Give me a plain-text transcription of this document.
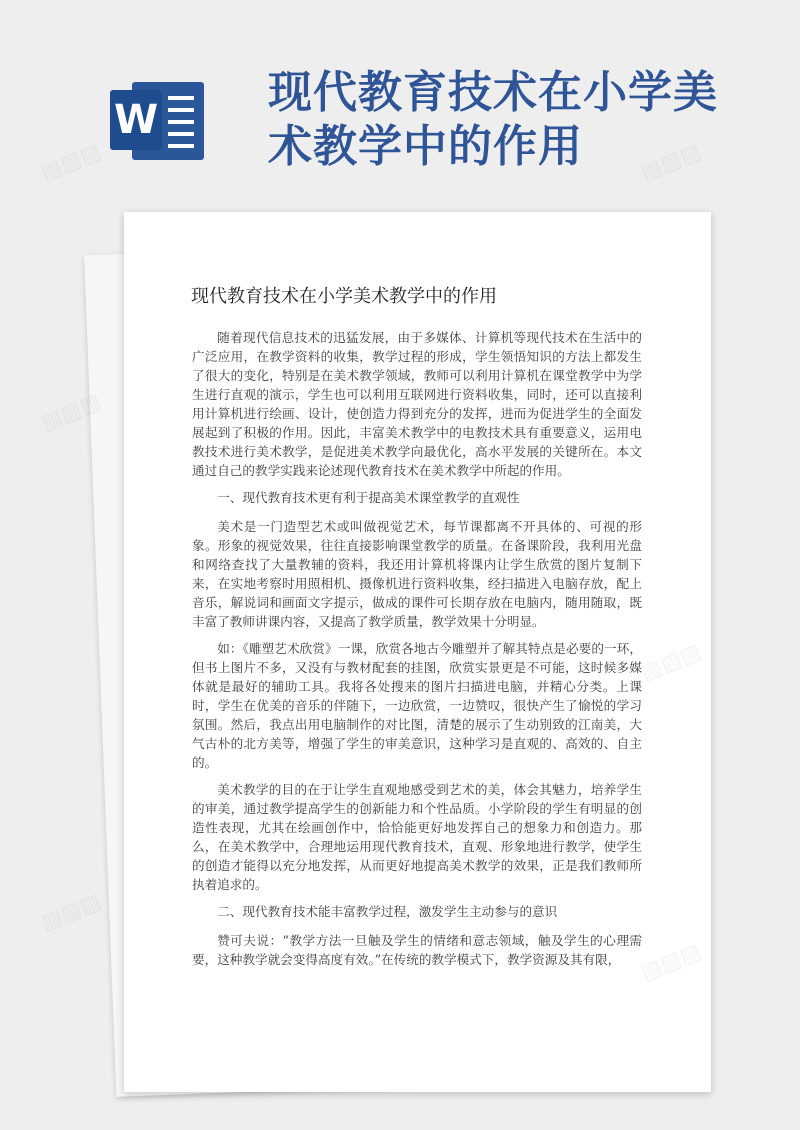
W
现代教育技术在小学美术教学中的作用
现代教育技术在小学美术教学中的作用

随着现代信息技术的迅猛发展，由于多媒体、计算机等现代技术在生活中的广泛应用，在教学资料的收集，教学过程的形成，学生领悟知识的方法上都发生了很大的变化，特别是在美术教学领域，教师可以利用计算机在课堂教学中为学生进行直观的演示，学生也可以利用互联网进行资料收集，同时，还可以直接利用计算机进行绘画、设计，使创造力得到充分的发挥，进而为促进学生的全面发展起到了积极的作用。因此，丰富美术教学中的电教技术具有重要意义，运用电教技术进行美术教学，是促进美术教学向最优化，高水平发展的关键所在。本文通过自己的教学实践来论述现代教育技术在美术教学中所起的作用。

一、现代教育技术更有利于提高美术课堂教学的直观性

美术是一门造型艺术或叫做视觉艺术，每节课都离不开具体的、可视的形象。形象的视觉效果，往往直接影响课堂教学的质量。在备课阶段，我利用光盘和网络查找了大量教辅的资料，我还用计算机将课内让学生欣赏的图片复制下来，在实地考察时用照相机、摄像机进行资料收集，经扫描进入电脑存放，配上音乐，解说词和画面文字提示，做成的课件可长期存放在电脑内，随用随取，既丰富了教师讲课内容，又提高了教学质量，教学效果十分明显。

如：《雕塑艺术欣赏》一课，欣赏各地古今雕塑并了解其特点是必要的一环，但书上图片不多，又没有与教材配套的挂图，欣赏实景更是不可能，这时候多媒体就是最好的辅助工具。我将各处搜来的图片扫描进电脑，并精心分类。上课时，学生在优美的音乐的伴随下，一边欣赏，一边赞叹，很快产生了愉悦的学习氛围。然后，我点出用电脑制作的对比图，清楚的展示了生动别致的江南美，大气古朴的北方美等，增强了学生的审美意识，这种学习是直观的、高效的、自主的。

美术教学的目的在于让学生直观地感受到艺术的美，体会其魅力，培养学生的审美，通过教学提高学生的创新能力和个性品质。小学阶段的学生有明显的创造性表现，尤其在绘画创作中，恰恰能更好地发挥自己的想象力和创造力。那么，在美术教学中，合理地运用现代教育技术，直观、形象地进行教学，使学生的创造才能得以充分地发挥，从而更好地提高美术教学的效果，正是我们教师所执着追求的。

二、现代教育技术能丰富教学过程，激发学生主动参与的意识

赞可夫说：“教学方法一旦触及学生的情绪和意志领域，触及学生的心理需要，这种教学就会变得高度有效。”在传统的教学模式下，教学资源及其有限，

▨▨▨	▨▨▨
▨▨▨
▨▨▨
